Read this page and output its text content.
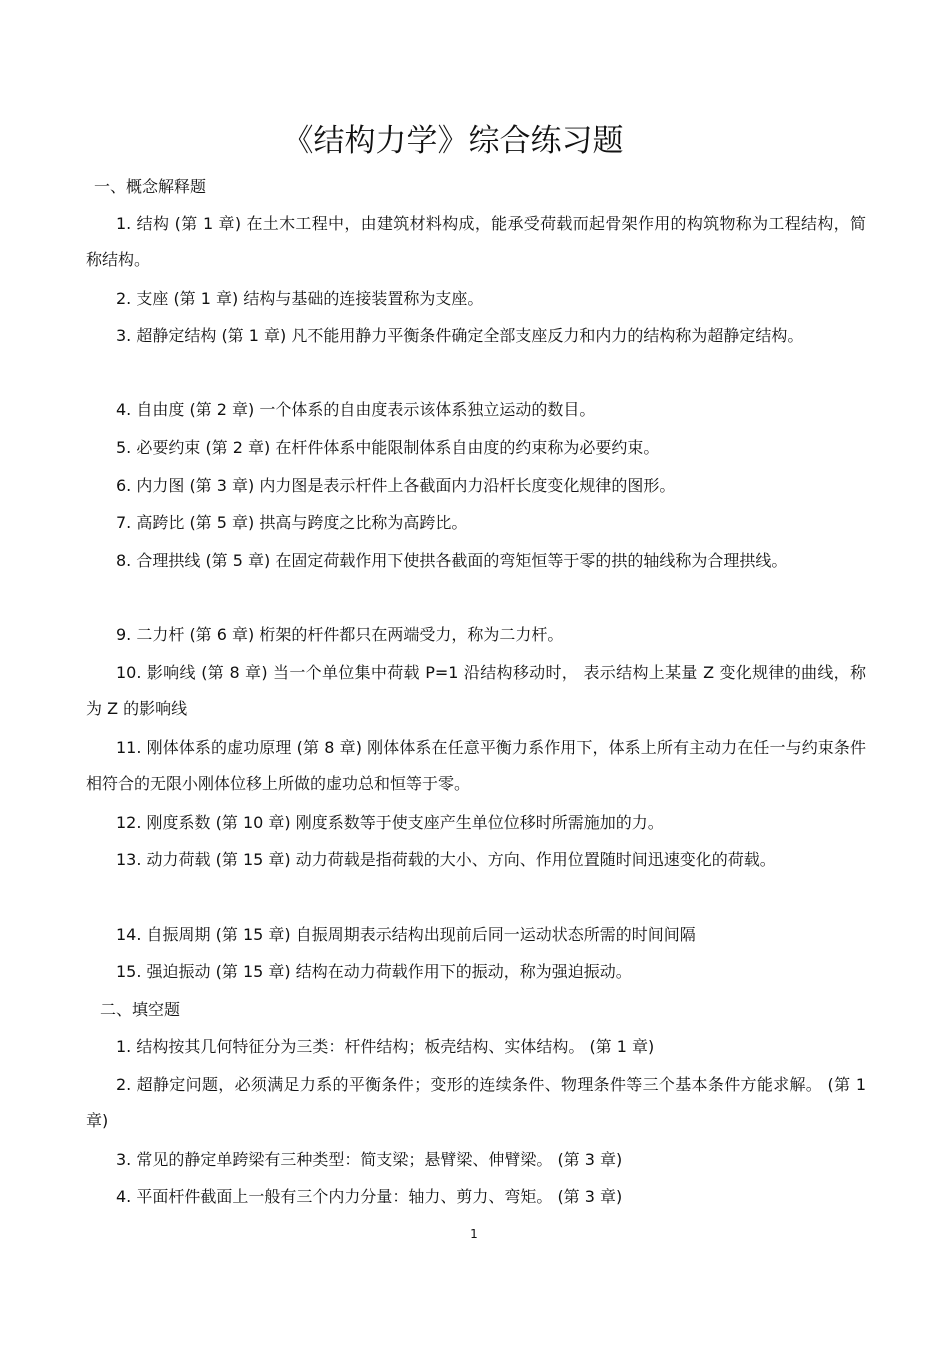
《结构力学》综合练习题
一、概念解释题

1. 结构 (第 1 章) 在土木工程中，由建筑材料构成，能承受荷载而起骨架作用的构筑物称为工程结构，简称结构。

2. 支座 (第 1 章) 结构与基础的连接装置称为支座。

3. 超静定结构 (第 1 章) 凡不能用静力平衡条件确定全部支座反力和内力的结构称为超静定结构。

4. 自由度 (第 2 章) 一个体系的自由度表示该体系独立运动的数目。

5. 必要约束 (第 2 章) 在杆件体系中能限制体系自由度的约束称为必要约束。

6. 内力图 (第 3 章) 内力图是表示杆件上各截面内力沿杆长度变化规律的图形。

7. 高跨比 (第 5 章) 拱高与跨度之比称为高跨比。

8. 合理拱线 (第 5 章) 在固定荷载作用下使拱各截面的弯矩恒等于零的拱的轴线称为合理拱线。

9. 二力杆 (第 6 章) 桁架的杆件都只在两端受力，称为二力杆。

10. 影响线 (第 8 章) 当一个单位集中荷载 P=1 沿结构移动时， 表示结构上某量 Z 变化规律的曲线，称为 Z 的影响线

11. 刚体体系的虚功原理 (第 8 章) 刚体体系在任意平衡力系作用下，体系上所有主动力在任一与约束条件相符合的无限小刚体位移上所做的虚功总和恒等于零。

12. 刚度系数 (第 10 章) 刚度系数等于使支座产生单位位移时所需施加的力。

13. 动力荷载 (第 15 章) 动力荷载是指荷载的大小、方向、作用位置随时间迅速变化的荷载。

14. 自振周期 (第 15 章) 自振周期表示结构出现前后同一运动状态所需的时间间隔

15. 强迫振动 (第 15 章) 结构在动力荷载作用下的振动，称为强迫振动。

二、填空题

1. 结构按其几何特征分为三类：杆件结构；板壳结构、实体结构。 (第 1 章)

2. 超静定问题，必须满足力系的平衡条件；变形的连续条件、物理条件等三个基本条件方能求解。 (第 1 章)

3. 常见的静定单跨梁有三种类型：简支梁；悬臂梁、伸臂梁。 (第 3 章)

4. 平面杆件截面上一般有三个内力分量：轴力、剪力、弯矩。 (第 3 章)

1
